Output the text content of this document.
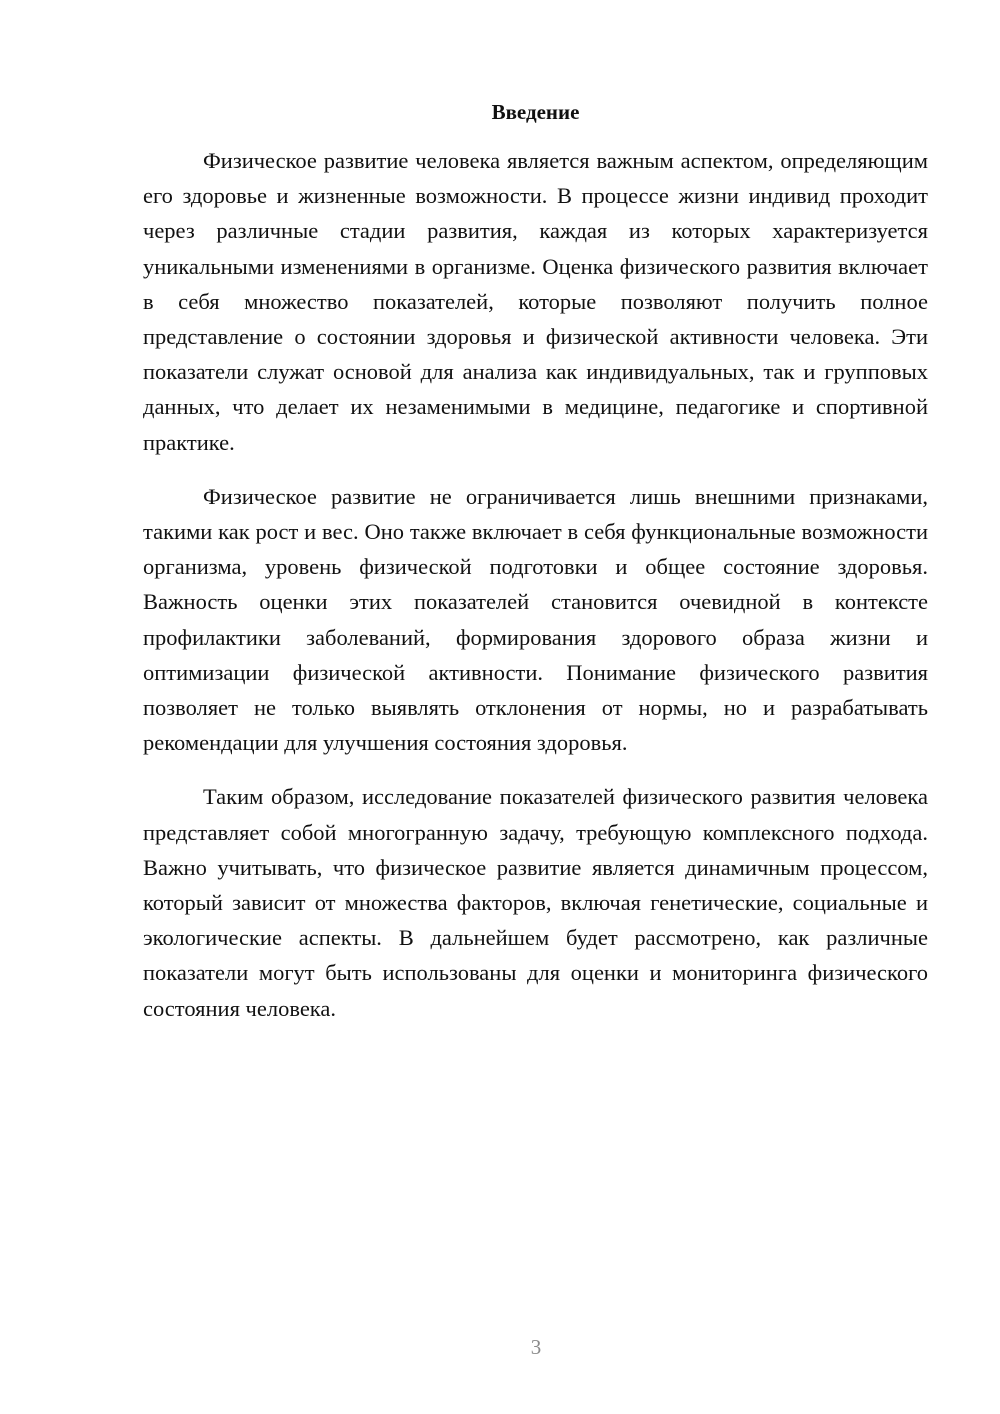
Введение

Физическое развитие человека является важным аспектом, определяющим его здоровье и жизненные возможности. В процессе жизни индивид проходит через различные стадии развития, каждая из которых характеризуется уникальными изменениями в организме. Оценка физического развития включает в себя множество показателей, которые позволяют получить полное представление о состоянии здоровья и физической активности человека. Эти показатели служат основой для анализа как индивидуальных, так и групповых данных, что делает их незаменимыми в медицине, педагогике и спортивной практике.

Физическое развитие не ограничивается лишь внешними признаками, такими как рост и вес. Оно также включает в себя функциональные возможности организма, уровень физической подготовки и общее состояние здоровья. Важность оценки этих показателей становится очевидной в контексте профилактики заболеваний, формирования здорового образа жизни и оптимизации физической активности. Понимание физического развития позволяет не только выявлять отклонения от нормы, но и разрабатывать рекомендации для улучшения состояния здоровья.

Таким образом, исследование показателей физического развития человека представляет собой многогранную задачу, требующую комплексного подхода. Важно учитывать, что физическое развитие является динамичным процессом, который зависит от множества факторов, включая генетические, социальные и экологические аспекты. В дальнейшем будет рассмотрено, как различные показатели могут быть использованы для оценки и мониторинга физического состояния человека.

3
